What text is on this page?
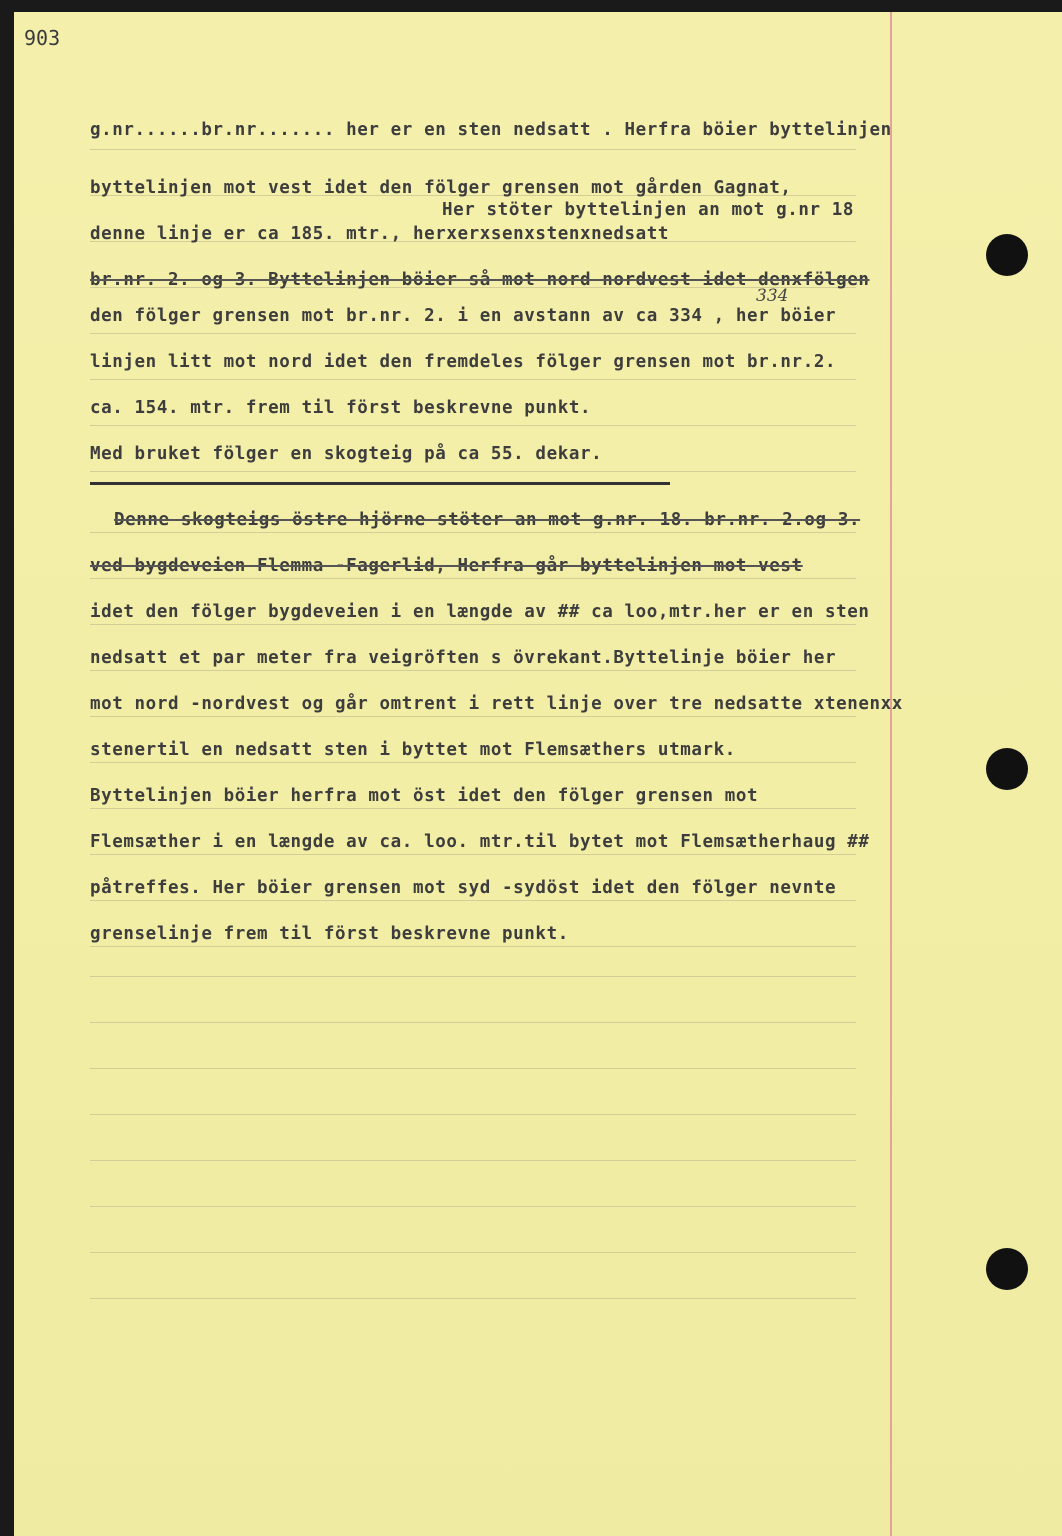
903
g.nr......br.nr....... her er en sten nedsatt . Herfra böier byttelinjen
byttelinjen mot vest idet den fölger grensen mot gården Gagnat,
Her stöter byttelinjen an mot g.nr 18
denne linje er ca 185. mtr., herxerxsenxstenxnedsatt
br.nr. 2. og 3. Byttelinjen böier så mot nord nordvest idet denxfölgen
334
den fölger grensen mot br.nr. 2. i en avstann av ca 334 , her böier
linjen litt mot nord idet den fremdeles fölger grensen mot br.nr.2.
ca. 154. mtr. frem til först beskrevne punkt.
Med bruket fölger en skogteig på ca 55. dekar.
Denne skogteigs östre hjörne stöter an mot g.nr. 18. br.nr. 2.og 3.
ved bygdeveien Flemma -Fagerlid, Herfra går byttelinjen mot vest
idet den fölger bygdeveien i en længde av ## ca loo,mtr.her er en sten
nedsatt et par meter fra veigröften s övrekant.Byttelinje böier her
mot nord -nordvest og går omtrent i rett linje over tre nedsatte xtenenxx
stenertil en nedsatt sten i byttet mot Flemsæthers utmark.
Byttelinjen böier herfra mot öst idet den fölger grensen mot
Flemsæther i en længde av ca. loo. mtr.til bytet mot Flemsætherhaug ##
påtreffes. Her böier grensen mot syd -sydöst idet den fölger nevnte
grenselinje frem til först beskrevne punkt.
